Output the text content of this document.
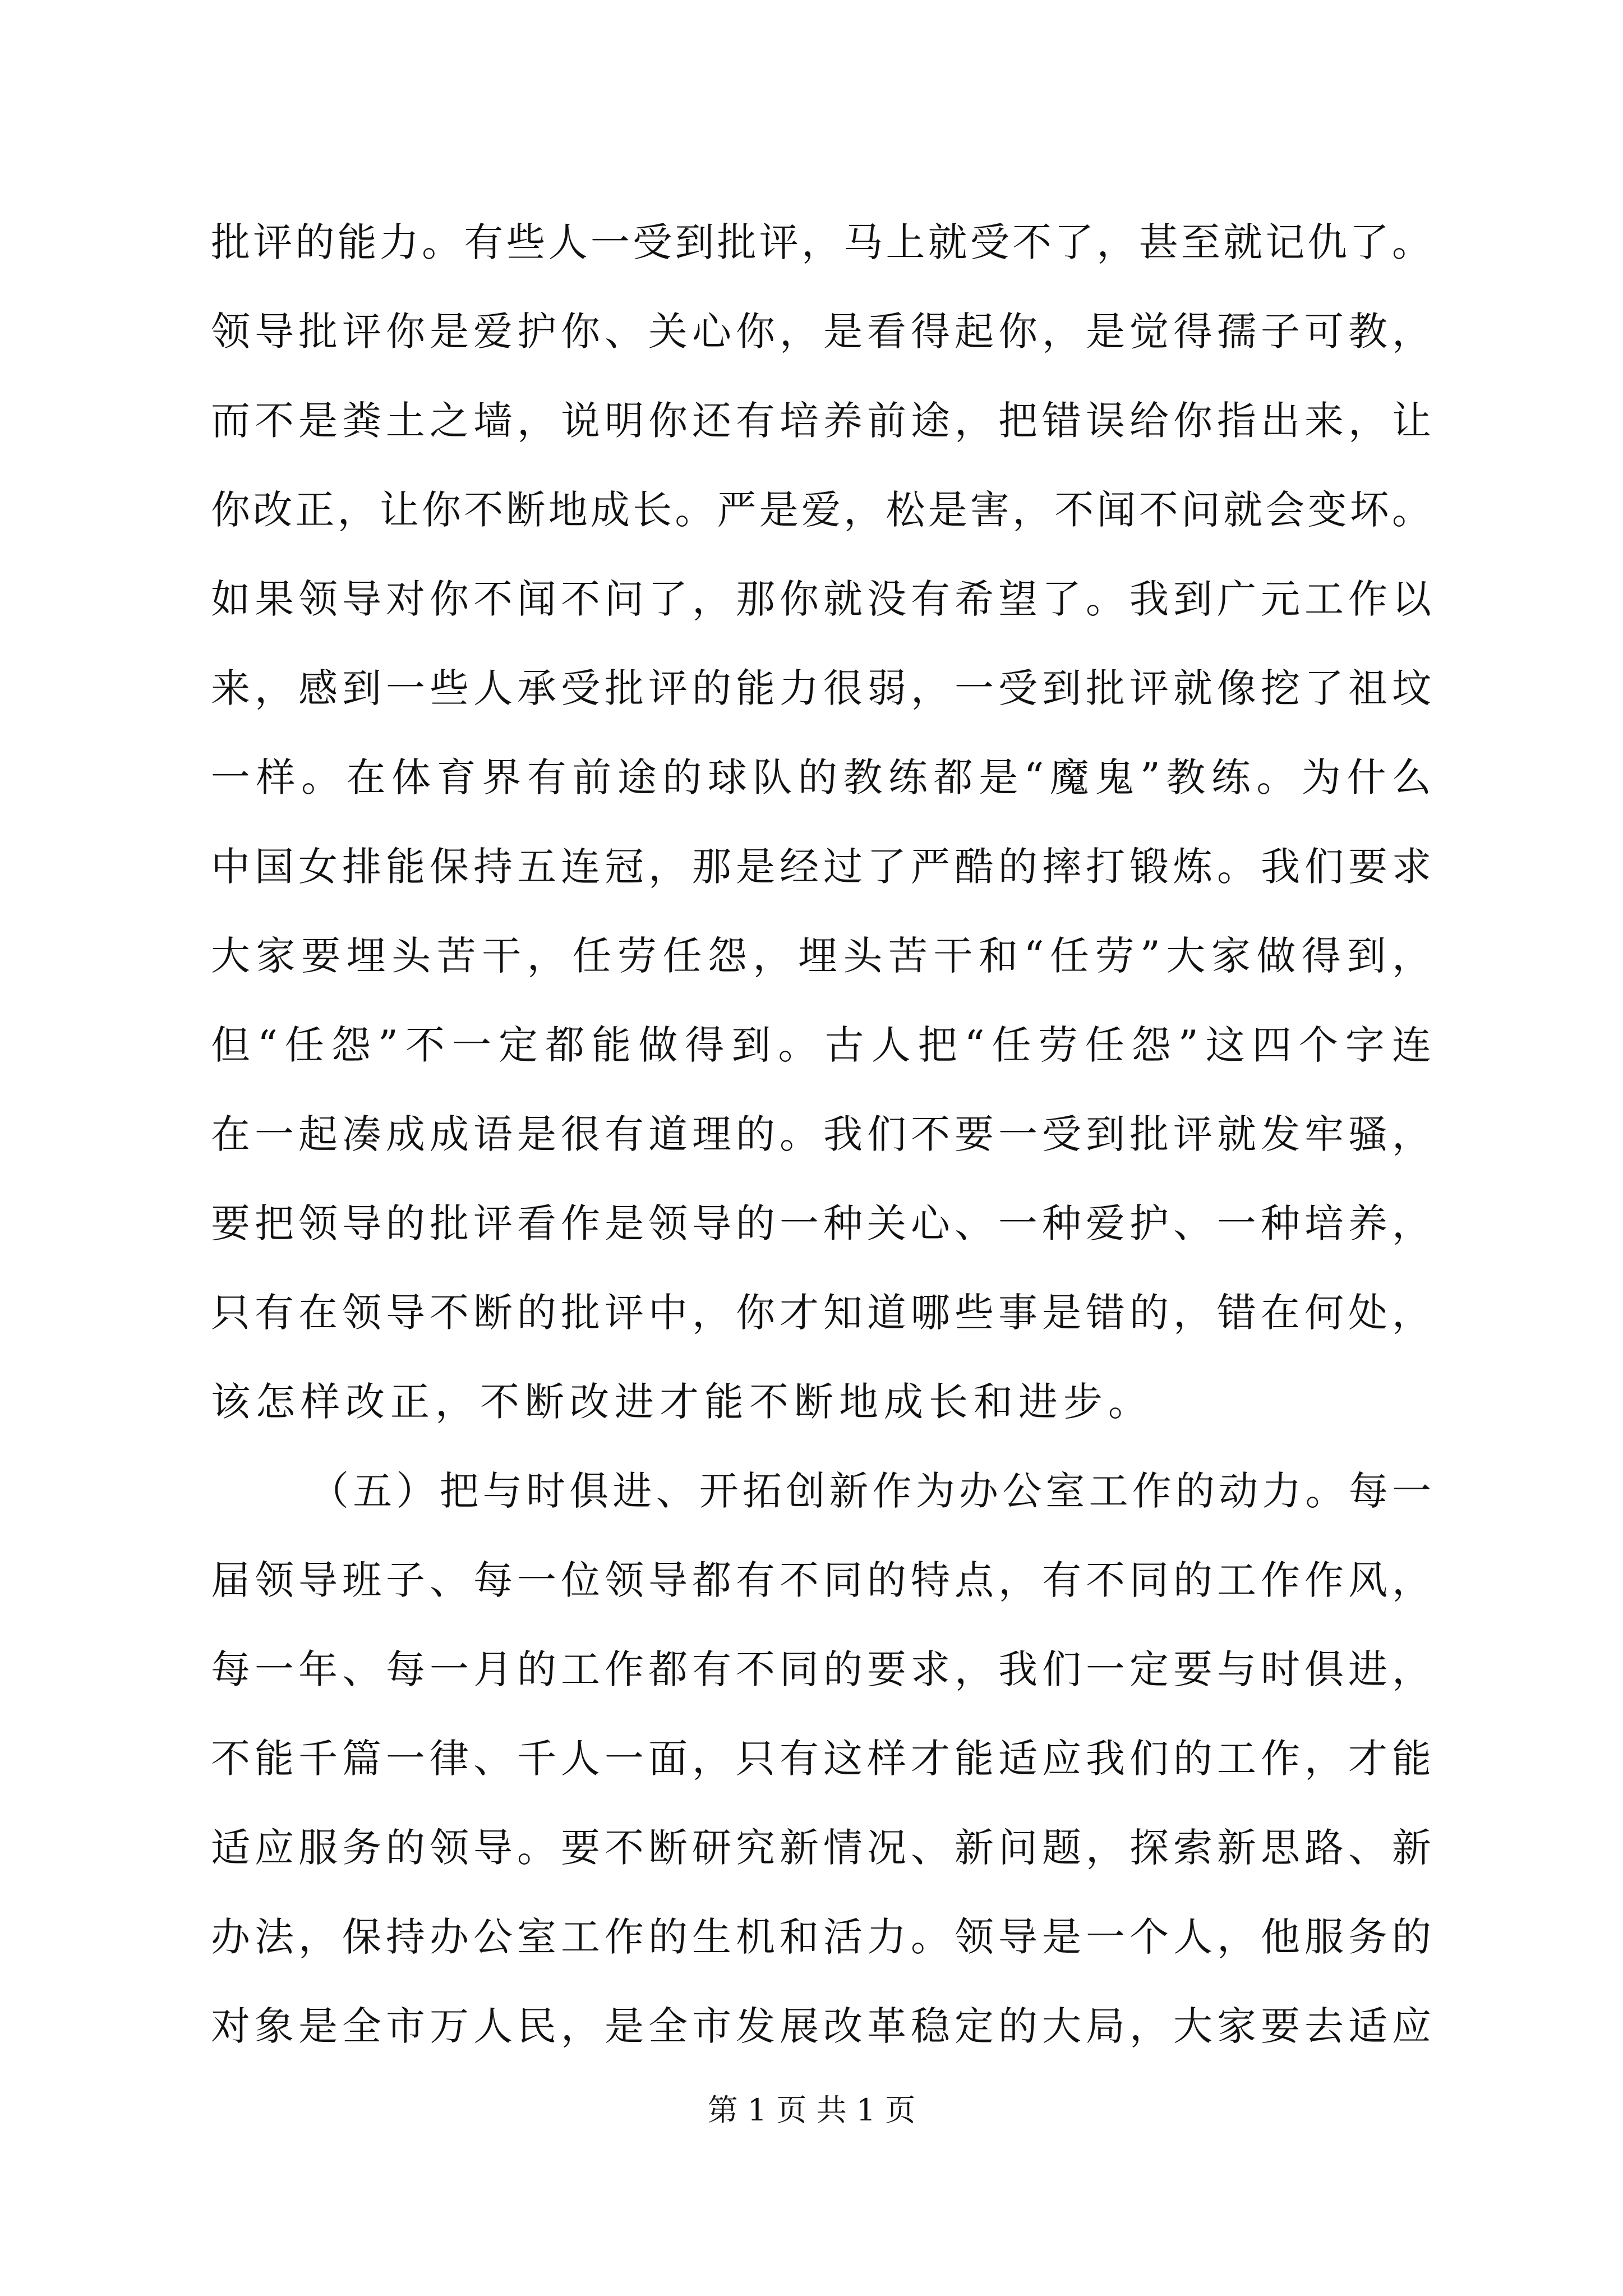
批评的能力。有些人一受到批评，马上就受不了，甚至就记仇了。
领导批评你是爱护你、关心你，是看得起你，是觉得孺子可教，
而不是粪土之墙，说明你还有培养前途，把错误给你指出来，让
你改正，让你不断地成长。严是爱，松是害，不闻不问就会变坏。
如果领导对你不闻不问了，那你就没有希望了。我到广元工作以
来，感到一些人承受批评的能力很弱，一受到批评就像挖了祖坟
一样。在体育界有前途的球队的教练都是“魔鬼”教练。为什么
中国女排能保持五连冠，那是经过了严酷的摔打锻炼。我们要求
大家要埋头苦干，任劳任怨，埋头苦干和“任劳”大家做得到，
但“任怨”不一定都能做得到。古人把“任劳任怨”这四个字连
在一起凑成成语是很有道理的。我们不要一受到批评就发牢骚，
要把领导的批评看作是领导的一种关心、一种爱护、一种培养，
只有在领导不断的批评中，你才知道哪些事是错的，错在何处，
该怎样改正，不断改进才能不断地成长和进步。
（五）把与时俱进、开拓创新作为办公室工作的动力。每一
届领导班子、每一位领导都有不同的特点，有不同的工作作风，
每一年、每一月的工作都有不同的要求，我们一定要与时俱进，
不能千篇一律、千人一面，只有这样才能适应我们的工作，才能
适应服务的领导。要不断研究新情况、新问题，探索新思路、新
办法，保持办公室工作的生机和活力。领导是一个人，他服务的
对象是全市万人民，是全市发展改革稳定的大局，大家要去适应
第 1 页 共 1 页
